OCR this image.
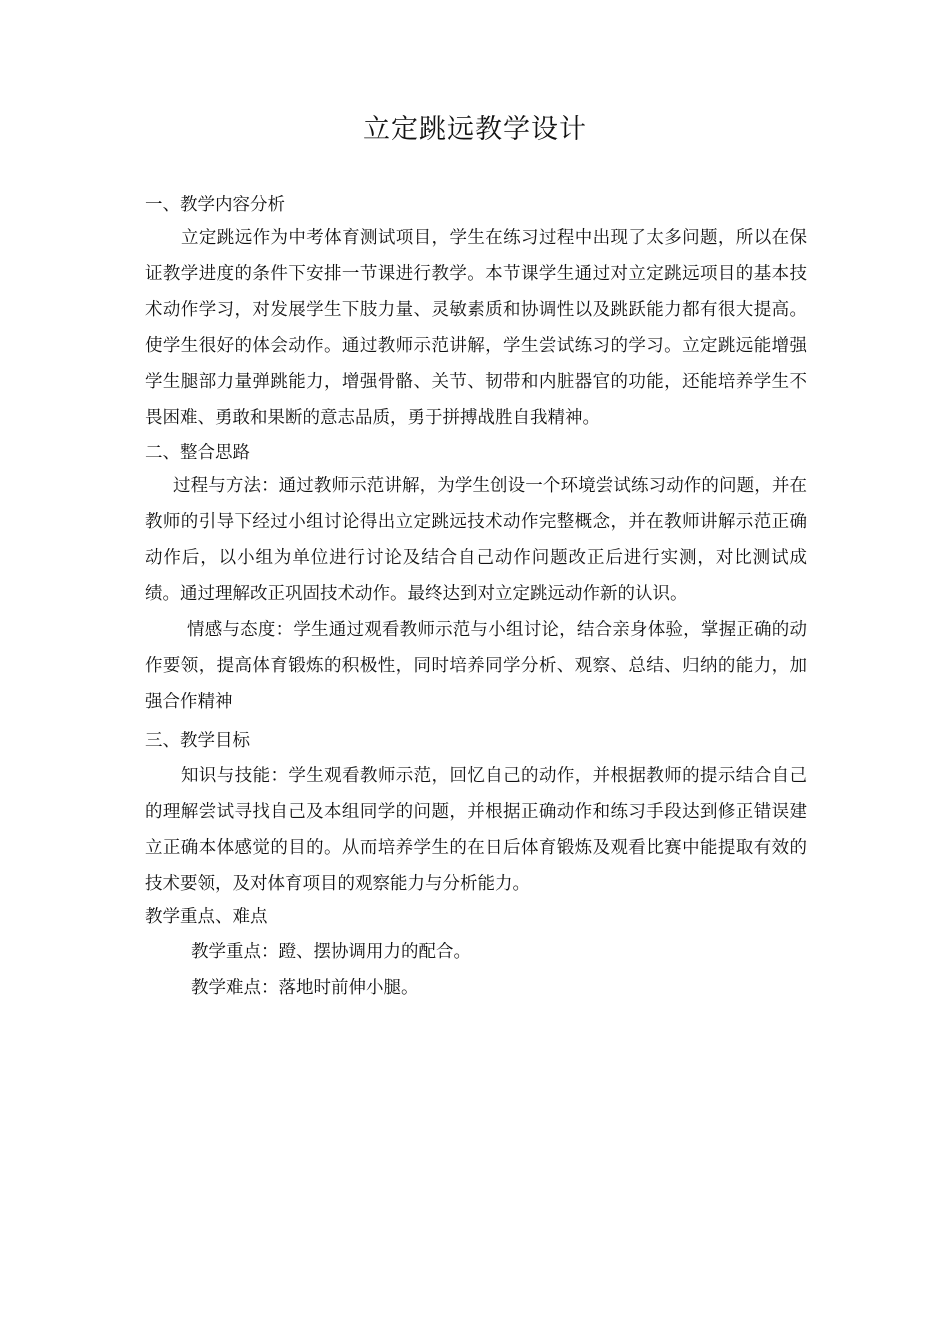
立定跳远教学设计
一、教学内容分析

立定跳远作为中考体育测试项目，学生在练习过程中出现了太多问题，所以在保证教学进度的条件下安排一节课进行教学。本节课学生通过对立定跳远项目的基本技术动作学习，对发展学生下肢力量、灵敏素质和协调性以及跳跃能力都有很大提高。使学生很好的体会动作。通过教师示范讲解，学生尝试练习的学习。立定跳远能增强学生腿部力量弹跳能力，增强骨骼、关节、韧带和内脏器官的功能，还能培养学生不畏困难、勇敢和果断的意志品质，勇于拼搏战胜自我精神。

二、整合思路

过程与方法：通过教师示范讲解，为学生创设一个环境尝试练习动作的问题，并在教师的引导下经过小组讨论得出立定跳远技术动作完整概念，并在教师讲解示范正确动作后，以小组为单位进行讨论及结合自己动作问题改正后进行实测，对比测试成绩。通过理解改正巩固技术动作。最终达到对立定跳远动作新的认识。

情感与态度：学生通过观看教师示范与小组讨论，结合亲身体验，掌握正确的动作要领，提高体育锻炼的积极性，同时培养同学分析、观察、总结、归纳的能力，加强合作精神

三、教学目标

知识与技能：学生观看教师示范，回忆自己的动作，并根据教师的提示结合自己的理解尝试寻找自己及本组同学的问题，并根据正确动作和练习手段达到修正错误建立正确本体感觉的目的。从而培养学生的在日后体育锻炼及观看比赛中能提取有效的技术要领，及对体育项目的观察能力与分析能力。

教学重点、难点

教学重点：蹬、摆协调用力的配合。

教学难点：落地时前伸小腿。
